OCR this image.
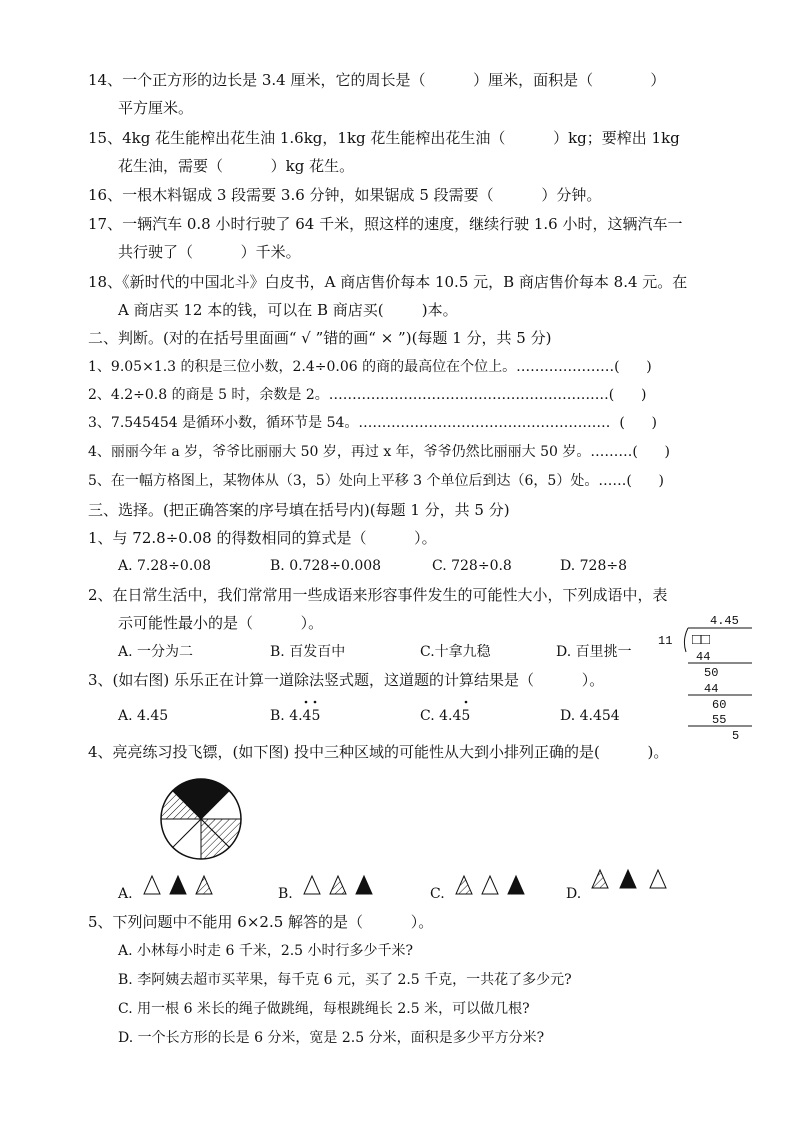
14、一个正方形的边长是 3.4 厘米，它的周长是（          ）厘米，面积是（            ）
平方厘米。
15、4kg 花生能榨出花生油 1.6kg，1kg 花生能榨出花生油（          ）kg；要榨出 1kg
花生油，需要（          ）kg 花生。
16、一根木料锯成 3 段需要 3.6 分钟，如果锯成 5 段需要（          ）分钟。
17、一辆汽车 0.8 小时行驶了 64 千米，照这样的速度，继续行驶 1.6 小时，这辆汽车一
共行驶了（          ）千米。
18、《新时代的中国北斗》白皮书，A 商店售价每本 10.5 元，B 商店售价每本 8.4 元。在
A 商店买 12 本的钱，可以在 B 商店买(        )本。
二、判断。(对的在括号里面画“ √ ”错的画“ × ”)(每题 1 分，共 5 分)
1、9.05×1.3 的积是三位小数，2.4÷0.06 的商的最高位在个位上。…………………(      )
2、4.2÷0.8 的商是 5 时，余数是 2。……………………………………………………(      )
3、7.545454 是循环小数，循环节是 54。………………………………………………  (      )
4、丽丽今年 a 岁，爷爷比丽丽大 50 岁，再过 x 年，爷爷仍然比丽丽大 50 岁。………(      )
5、在一幅方格图上，某物体从（3，5）处向上平移 3 个单位后到达（6，5）处。……(      )
三、选择。(把正确答案的序号填在括号内)(每题 1 分，共 5 分)
1、与 72.8÷0.08 的得数相同的算式是（          ）。
A. 7.28÷0.08	B. 0.728÷0.008	C. 728÷0.8	D. 728÷8
2、在日常生活中，我们常常用一些成语来形容事件发生的可能性大小，下列成语中，表
示可能性最小的是（          ）。
A. 一分为二	B. 百发百中	C.十拿九稳	D. 百里挑一
3、(如右图) 乐乐正在计算一道除法竖式题，这道题的计算结果是（          ）。
A. 4.45	B. 4.45	C. 4.45	D. 4.454
4.45
11 □□
44
50
44
60
55
5
4、亮亮练习投飞镖，(如下图) 投中三种区域的可能性从大到小排列正确的是(          )。
A.	B.	C.	D.
5、下列问题中不能用 6×2.5 解答的是（          ）。
A. 小林每小时走 6 千米，2.5 小时行多少千米?
B. 李阿姨去超市买苹果，每千克 6 元，买了 2.5 千克，一共花了多少元?
C. 用一根 6 米长的绳子做跳绳，每根跳绳长 2.5 米，可以做几根?
D. 一个长方形的长是 6 分米，宽是 2.5 分米，面积是多少平方分米?
